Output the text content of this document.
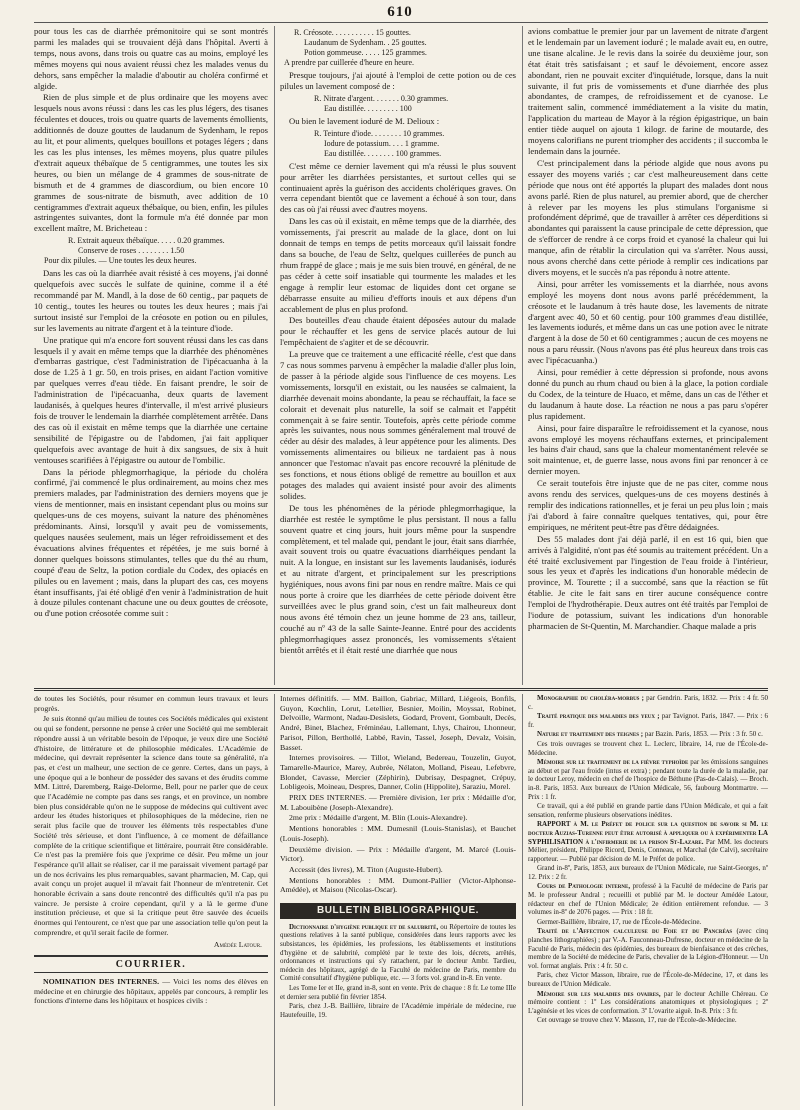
610

pour tous les cas de diarrhée prémonitoire qui se sont montrés parmi les malades qui se trouvaient déjà dans l'hôpital. Averti à temps, nous avons, dans trois ou quatre cas au moins, employé les mêmes moyens qui nous avaient réussi chez les malades venus du dehors, sans empêcher la maladie d'aboutir au choléra confirmé et algide.

Rien de plus simple et de plus ordinaire que les moyens avec lesquels nous avons réussi : dans les cas les plus légers, des tisanes féculentes et douces, trois ou quatre quarts de lavements émollients, additionnés de douze gouttes de laudanum de Sydenham, le repos au lit, et pour aliments, quelques bouillons et potages légers ; dans les cas les plus intenses, les mêmes moyens, plus quatre pilules d'extrait aqueux thébaïque de 5 centigrammes, une toutes les six heures, ou bien un mélange de 4 grammes de sous-nitrate de bismuth et de 4 grammes de diascordium, ou bien encore 10 grammes de sous-nitrate de bismuth, avec addition de 10 centigrammes d'extrait aqueux thébaïque, ou bien, enfin, les pilules astringentes suivantes, dont la formule m'a été donnée par mon excellent maître, M. Bricheteau :

R. Extrait aqueux thébaïque. . . . . 0.20 grammes.
Conserve de roses . . . . . . . . 1.50
Pour dix pilules. — Une toutes les deux heures.

Dans les cas où la diarrhée avait résisté à ces moyens, j'ai donné quelquefois avec succès le sulfate de quinine, comme il a été recommandé par M. Mandl, à la dose de 60 centig., par paquets de 10 centig., toutes les heures ou toutes les deux heures ; mais j'ai surtout insisté sur l'emploi de la créosote en potion ou en pilules, sur les lavements au nitrate d'argent et à la teinture d'iode.

Une pratique qui m'a encore fort souvent réussi dans les cas dans lesquels il y avait en même temps que la diarrhée des phénomènes d'embarras gastrique, c'est l'administration de l'ipécacuanha à la dose de 1.25 à 1 gr. 50, en trois prises, en aidant l'action vomitive par quelques verres d'eau tiède. En faisant prendre, le soir de l'administration de l'ipécacuanha, deux quarts de lavement laudanisés, à quelques heures d'intervalle, il m'est arrivé plusieurs fois de trouver le lendemain la diarrhée complètement arrêtée. Dans des cas où il existait en même temps que la diarrhée une certaine sensibilité de l'épigastre ou de l'abdomen, j'ai fait appliquer quelquefois avec avantage de huit à dix sangsues, de six à huit ventouses scarifiées à l'épigastre ou autour de l'ombilic.

Dans la période phlegmorrhagique, la période du choléra confirmé, j'ai commencé le plus ordinairement, au moins chez mes premiers malades, par l'administration des derniers moyens que je viens de mentionner, mais en insistant cependant plus ou moins sur quelques-uns de ces moyens, suivant la nature des phénomènes prédominants. Ainsi, lorsqu'il y avait peu de vomissements, quelques nausées seulement, mais un léger refroidissement et des évacuations alvines fréquentes et répétées, je me suis borné à donner quelques boissons stimulantes, telles que du thé au rhum, coupé d'eau de Seltz, la potion cordiale du Codex, des opiacés en pilules ou en lavement ; mais, dans la plupart des cas, ces moyens étant insuffisants, j'ai été obligé d'en venir à l'administration de huit à douze pilules contenant chacune une ou deux gouttes de créosote, ou d'une potion créosotée comme suit :

R. Créosote. . . . . . . . . . . 15 gouttes.
Laudanum de Sydenham. . 25 gouttes.
Potion gommeuse. . . . . 125 grammes.
A prendre par cuillerée d'heure en heure.

Presque toujours, j'ai ajouté à l'emploi de cette potion ou de ces pilules un lavement composé de :

R. Nitrate d'argent. . . . . . . 0.30 grammes.
Eau distillée. . . . . . . . . 100

Ou bien le lavement ioduré de M. Delioux :

R. Teinture d'iode. . . . . . . . 10 grammes.
Iodure de potassium. . . . 1 gramme.
Eau distillée. . . . . . . . 100 grammes.

C'est même ce dernier lavement qui m'a réussi le plus souvent pour arrêter les diarrhées persistantes, et surtout celles qui se continuaient après la guérison des accidents cholériques graves. On verra cependant bientôt que ce lavement a échoué à son tour, dans des cas où j'ai réussi avec d'autres moyens.

Dans les cas où il existait, en même temps que de la diarrhée, des vomissements, j'ai prescrit au malade de la glace, dont on lui donnait de temps en temps de petits morceaux qu'il laissait fondre dans sa bouche, de l'eau de Seltz, quelques cuillerées de punch au rhum frappé de glace ; mais je me suis bien trouvé, en général, de ne pas céder à cette soif insatiable qui tourmente les malades et les engage à remplir leur estomac de liquides dont cet organe se débarrasse ensuite au milieu d'efforts inouïs et aux dépens d'un accablement de plus en plus profond.

Des bouteilles d'eau chaude étaient déposées autour du malade pour le réchauffer et les gens de service placés autour de lui l'empêchaient de s'agiter et de se découvrir.

La preuve que ce traitement a une efficacité réelle, c'est que dans 7 cas nous sommes parvenu à empêcher la maladie d'aller plus loin, de passer à la période algide sous l'influence de ces moyens. Les vomissements, lorsqu'il en existait, ou les nausées se calmaient, la diarrhée devenait moins abondante, la peau se réchauffait, la face se colorait et devenait plus naturelle, la soif se calmait et l'appétit commençait à se faire sentir. Toutefois, après cette période comme après les suivantes, nous nous sommes généralement mal trouvé de céder au désir des malades, à leur appétence pour les aliments. Des vomissements alimentaires ou bilieux ne tardaient pas à nous annoncer que l'estomac n'avait pas encore recouvré la plénitude de ses fonctions, et nous étions obligé de remettre au bouillon et aux potages des malades qui avaient insisté pour avoir des aliments solides.

De tous les phénomènes de la période phlegmorrhagique, la diarrhée est restée le symptôme le plus persistant. Il nous a fallu souvent quatre et cinq jours, huit jours même pour la suspendre complètement, et tel malade qui, pendant le jour, était sans diarrhée, avait souvent trois ou quatre évacuations diarrhéiques pendant la nuit. A la longue, en insistant sur les lavements laudanisés, iodurés et au nitrate d'argent, et principalement sur les prescriptions hygiéniques, nous avons fini par nous en rendre maître. Mais ce qui nous porte à croire que les diarrhées de cette période doivent être surveillées avec le plus grand soin, c'est un fait malheureux dont nous avons été témoin chez un jeune homme de 23 ans, tailleur, couché au nº 43 de la salle Sainte-Jeanne. Entré pour des accidents phlegmorrhagiques assez prononcés, les vomissements s'étaient bientôt arrêtés et il était resté une diarrhée que nous

avions combattue le premier jour par un lavement de nitrate d'argent et le lendemain par un lavement ioduré ; le malade avait eu, en outre, une tisane alcaline. Je le revis dans la soirée du deuxième jour, son état était très satisfaisant ; et sauf le dévoiement, encore assez abondant, rien ne pouvait exciter d'inquiétude, lorsque, dans la nuit suivante, il fut pris de vomissements et d'une diarrhée des plus abondantes, de crampes, de refroidissement et de cyanose. Le traitement salin, commencé immédiatement a la visite du matin, l'application du marteau de Mayor à la région épigastrique, un bain entier tiède auquel on ajouta 1 kilogr. de farine de moutarde, des moyens calorifians ne purent triompher des accidents ; il succomba le lendemain dans la journée.

C'est principalement dans la période algide que nous avons pu essayer des moyens variés ; car c'est malheureusement dans cette période que nous ont été apportés la plupart des malades dont nous avons parlé. Rien de plus naturel, au premier abord, que de chercher à relever par les moyens les plus stimulans l'organisme si profondément déprimé, que de travailler à arrêter ces déperditions si abondantes qui paraissent la cause principale de cette dépression, que de s'efforcer de rendre à ce corps froid et cyanosé la chaleur qui lui manque, afin de rétablir la circulation qui va s'arrêter. Nous aussi, nous avons cherché dans cette période à remplir ces indications par divers moyens, et le succès n'a pas répondu à notre attente.

Ainsi, pour arrêter les vomissements et la diarrhée, nous avons employé les moyens dont nous avons parlé précédemment, la créosote et le laudanum à très haute dose, les lavements de nitrate d'argent avec 40, 50 et 60 centig. pour 100 grammes d'eau distillée, les lavements iodurés, et même dans un cas une potion avec le nitrate d'argent à la dose de 50 et 60 centigrammes ; aucun de ces moyens ne nous a paru réussir. (Nous n'avons pas été plus heureux dans trois cas avec l'ipécacuanha.)

Ainsi, pour remédier à cette dépression si profonde, nous avons donné du punch au rhum chaud ou bien à la glace, la potion cordiale du Codex, de la teinture de Huaco, et même, dans un cas de l'éther et du laudanum à haute dose. La réaction ne nous a pas paru s'opérer plus rapidement.

Ainsi, pour faire disparaître le refroidissement et la cyanose, nous avons employé les moyens réchauffans externes, et principalement les bains d'air chaud, sans que la chaleur momentanément relevée se soit maintenue, et, de guerre lasse, nous avons fini par renoncer à ce dernier moyen.

Ce serait toutefois être injuste que de ne pas citer, comme nous avons rendu des services, quelques-uns de ces moyens destinés à remplir des indications rationnelles, et je ferai un peu plus loin ; mais j'ai d'abord à faire connaître quelques tentatives, qui, pour être empiriques, ne méritent peut-être pas d'être dédaignées.

Des 55 malades dont j'ai déjà parlé, il en est 16 qui, bien que arrivés à l'algidité, n'ont pas été soumis au traitement précédent. Un a été traité exclusivement par l'ingestion de l'eau froide à l'intérieur, sous les yeux et d'après les indications d'un honorable médecin de province, M. Tourette ; il a succombé, sans que la réaction se fût établie. Je cite le fait sans en tirer aucune conséquence contre l'emploi de l'hydrothérapie. Deux autres ont été traités par l'emploi de l'iodure de potassium, suivant les indications d'un honorable pharmacien de St-Quentin, M. Marchandier. Chaque malade a pris

de toutes les Sociétés, pour résumer en commun leurs travaux et leurs progrès.

Je suis étonné qu'au milieu de toutes ces Sociétés médicales qui existent ou qui se fondent, personne ne pense à créer une Société qui me semblerait répondre aussi à un véritable besoin de l'époque, je veux dire une Société d'histoire, de littérature et de philosophie médicales. L'Académie de médecine, qui devrait représenter la science dans toute sa généralité, n'a pas, et c'est un malheur, une section de ce genre. Certes, dans un pays, à une époque qui a le bonheur de posséder des savans et des érudits comme MM. Littré, Daremberg, Raige-Delorme, Bell, pour ne parler que de ceux que l'Académie ne compte pas dans ses rangs, et en province, un nombre bien plus considérable qu'on ne le suppose de médecins qui cultivent avec ardeur les études historiques et philosophiques de la médecine, rien ne serait plus facile que de trouver les éléments très respectables d'une Société très sérieuse, et dont l'influence, à ce moment de défaillance complète de la critique scientifique et littéraire, pourrait être considérable. Ce n'est pas la première fois que j'exprime ce désir. Peu même un jour l'espérance qu'il allait se réaliser, car il me paraissait vivement partagé par un de nos écrivains les plus remarquables, savant pharmacien, M. Cap, qui avait conçu un projet auquel il m'avait fait l'honneur de m'entretenir. Cet honorable écrivain a sans doute rencontré des difficultés qu'il n'a pas pu vaincre. Je persiste à croire cependant, qu'il y a là le germe d'une institution précieuse, et que si la critique peut être sauvée des écueils énormes qui l'entourent, ce n'est que par une association telle qu'on peut la comprendre, et qu'il serait facile de former.

Amédée Latour.
COURRIER.

NOMINATION DES INTERNES. — Voici les noms des élèves en médecine et en chirurgie des hôpitaux, appelés par concours, à remplir les fonctions d'interne dans les hôpitaux et hospices civils :

Internes définitifs. — MM. Baillon, Gabriac, Millard, Liégeois, Bonfils, Guyon, Kœchlin, Lorut, Letellier, Besnier, Moilin, Moyssat, Robinet, Delvoille, Warmont, Nadau-Desislets, Godard, Provent, Gombault, Decès, André, Binet, Blachez, Fréminéau, Lallemant, Lhys, Chairou, Lhonneur, Parisot, Pillon, Berthollé, Labbé, Ravin, Tassel, Joseph, Devalz, Voisin, Basset.

Internes provisoires. — Tillot, Wieland, Bedereau, Touzelin, Guyot, Tamarelle-Maurice, Marey, Aubrée, Nélaton, Molland, Piseau, Lefebvre, Blondet, Cavasse, Mercier (Zéphirin), Dubrisay, Despagnet, Crépuy, Lobligeois, Moineau, Despres, Danner, Colin (Hippolite), Saraziu, Morel.

PRIX DES INTERNES. — Première division, 1er prix : Médaille d'or, M. Labouibène (Joseph-Alexandre).

2me prix : Médaille d'argent, M. Blin (Louis-Alexandre).

Mentions honorables : MM. Dumesnil (Louis-Stanislas), et Bauchet (Louis-Joseph).

Deuxième division. — Prix : Médaille d'argent, M. Marcé (Louis-Victor).

Accessit (des livres), M. Titon (Auguste-Hubert).

Mentions honorables : MM. Dumont-Pallier (Victor-Alphonse-Amédée), et Maisou (Nicolas-Oscar).

BULLETIN BIBLIOGRAPHIQUE.

Dictionnaire d'hygiène publique et de salubrité, ou Répertoire de toutes les questions relatives à la santé publique, considérées dans leurs rapports avec les subsistances, les épidémies, les professions, les établissements et institutions d'hygiène et de salubrité, complété par le texte des lois, décrets, arrêtés, ordonnances et instructions qui s'y rattachent, par le docteur Ambr. Tardieu, médecin des hôpitaux, agrégé de la Faculté de médecine de Paris, membre du Comité consultatif d'hygiène publique, etc. — 3 forts vol. grand in-8. En vente.

Les Tome Ier et IIe, grand in-8, sont en vente. Prix de chaque : 8 fr. Le tome IIIe et dernier sera publié fin février 1854.

Paris, chez J.-B. Baillière, libraire de l'Académie impériale de médecine, rue Hautefeuille, 19.

Monographie du choléra-morbus ; par Gendrin. Paris, 1832. — Prix : 4 fr. 50 c.

Traité pratique des maladies des yeux ; par Tavignot. Paris, 1847. — Prix : 6 fr.

Nature et traitement des teignes ; par Bazin. Paris, 1853. — Prix : 3 fr. 50 c.

Ces trois ouvrages se trouvent chez L. Leclerc, libraire, 14, rue de l'École-de-Médecine.

Mémoire sur le traitement de la fièvre typhoïde par les émissions sanguines au début et par l'eau froide (intus et extra) ; pendant toute la durée de la maladie, par le docteur Leroy, médecin en chef de l'hospice de Béthune (Pas-de-Calais). — Broch. in-8. Paris, 1853. Aux bureaux de l'Union Médicale, 56, faubourg Montmartre. — Prix : 1 fr.

Ce travail, qui a été publié en grande partie dans l'Union Médicale, et qui a fait sensation, renferme plusieurs observations inédites.

RAPPORT à M. le Préfet de police sur la question de savoir si M. le docteur Auzias-Turenne peut être autorisé à appliquer ou à expérimenter LA SYPHILISATION à l'infirmerie de la prison St-Lazare. Par MM. les docteurs Mélier, président, Philippe Ricord, Denis, Conneau, et Marchal (de Calvi), secrétaire rapporteur. — Publié par décision de M. le Préfet de police.

Grand in-8º, Paris, 1853, aux bureaux de l'Union Médicale, rue Saint-Georges, nº 12. Prix : 2 fr.

Cours de Pathologie interne, professé à la Faculté de médecine de Paris par M. le professeur Andral ; recueilli et publié par M. le docteur Amédée Latour, rédacteur en chef de l'Union Médicale; 2e édition entièrement refondue. — 3 volumes in-8º de 2076 pages. — Prix : 18 fr.

Germer-Baillière, libraire, 17, rue de l'École-de-Médecine.

Traité de l'Affection calculeuse du Foie et du Pancréas (avec cinq planches lithographiées) ; par V.-A. Fauconneau-Dufresne, docteur en médecine de la Faculté de Paris, médecin des épidémies, des bureaux de bienfaisance et des crèches, membre de la Société de médecine de Paris, chevalier de la Légion-d'Honneur. — Un vol. format anglais. Prix : 4 fr. 50 c.

Paris, chez Victor Masson, libraire, rue de l'École-de-Médecine, 17, et dans les bureaux de l'Union Médicale.

Mémoire sur les maladies des ovaires, par le docteur Achille Chéreau. Ce mémoire contient : 1º Les considérations anatomiques et physiologiques ; 2º L'agénésie et les vices de conformation. 3º L'ovarite aiguë. In-8. Prix : 3 fr.

Cet ouvrage se trouve chez V. Masson, 17, rue de l'École-de-Médecine.
